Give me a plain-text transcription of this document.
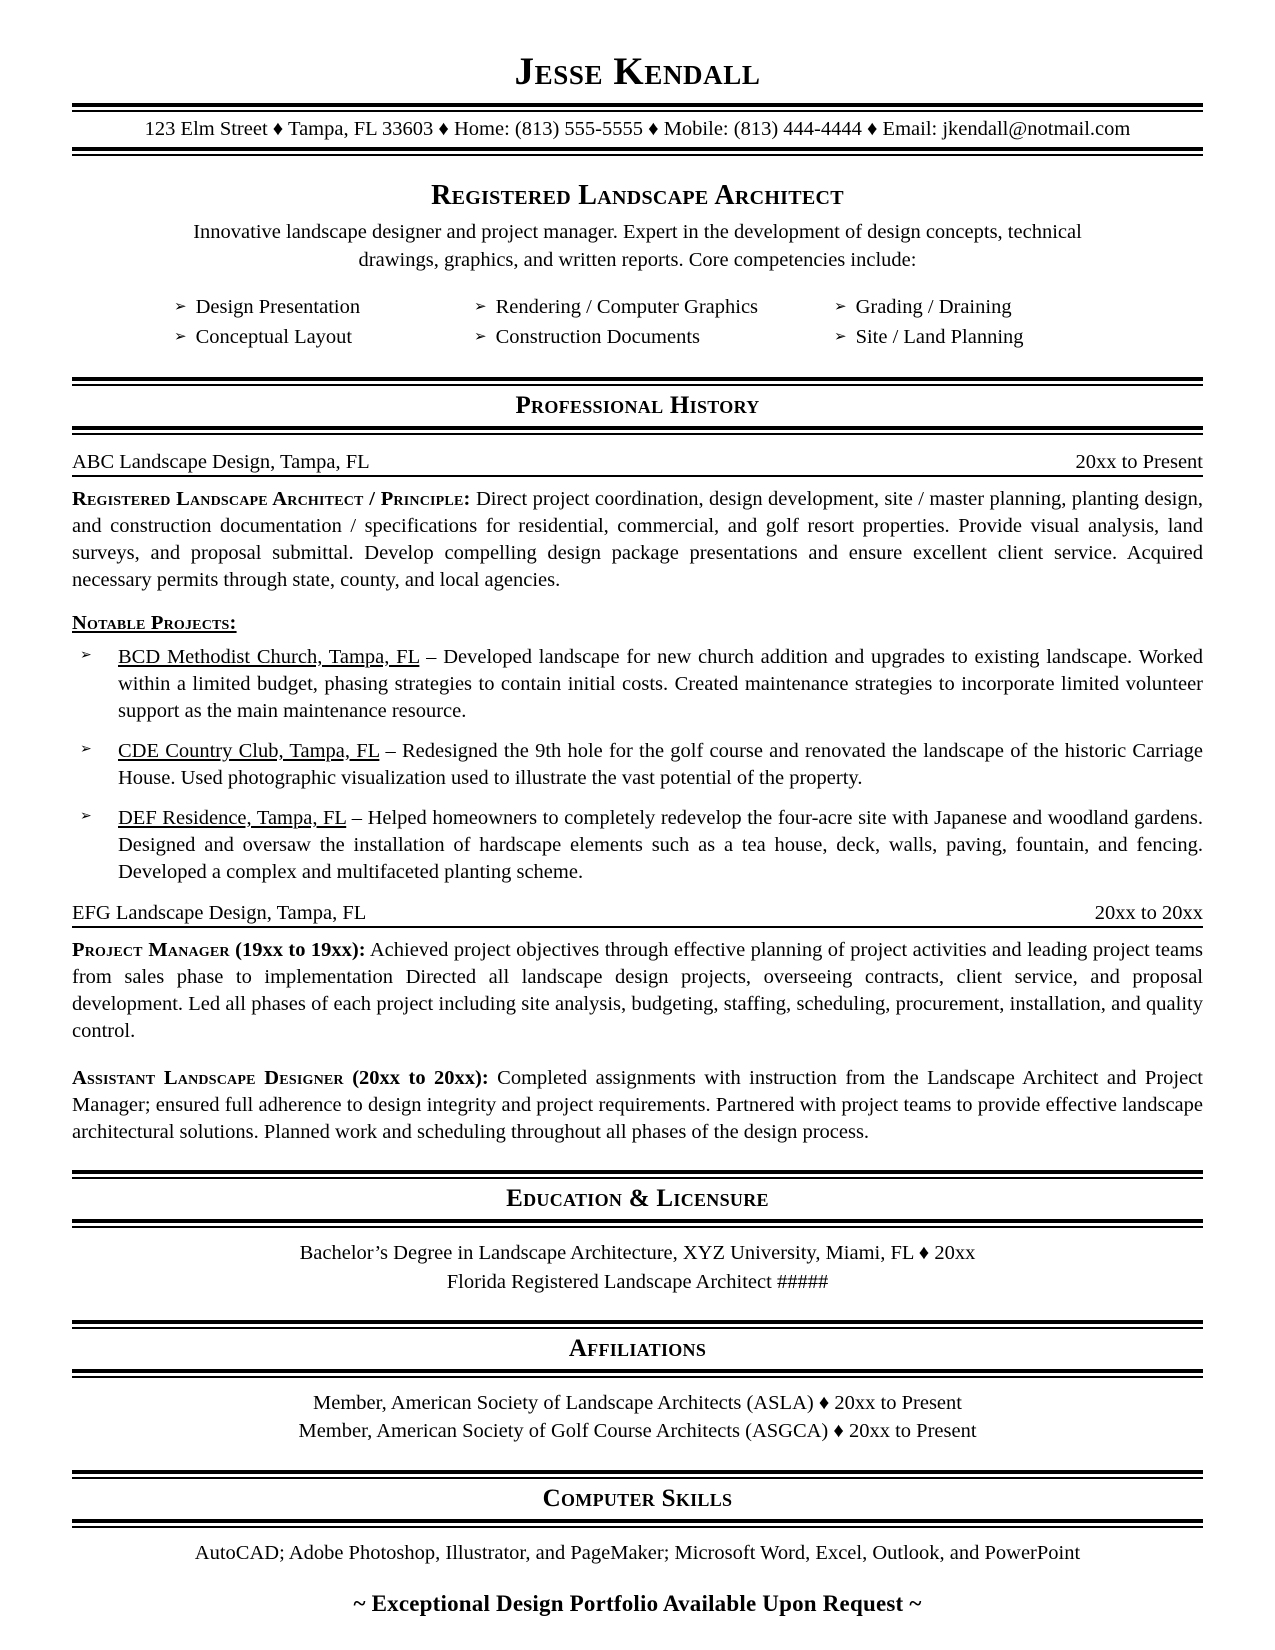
Jesse Kendall
123 Elm Street ♦ Tampa, FL 33603 ♦ Home: (813) 555-5555 ♦ Mobile: (813) 444-4444 ♦ Email: jkendall@notmail.com
Registered Landscape Architect
Innovative landscape designer and project manager. Expert in the development of design concepts, technical
drawings, graphics, and written reports. Core competencies include:
➢ Design Presentation
➢ Conceptual Layout
➢ Rendering / Computer Graphics
➢ Construction Documents
➢ Grading / Draining
➢ Site / Land Planning
Professional History
ABC Landscape Design, Tampa, FL	20xx to Present
Registered Landscape Architect / Principle: Direct project coordination, design development, site / master planning, planting design, and construction documentation / specifications for residential, commercial, and golf resort properties. Provide visual analysis, land surveys, and proposal submittal. Develop compelling design package presentations and ensure excellent client service. Acquired necessary permits through state, county, and local agencies.
Notable Projects:
➢ BCD Methodist Church, Tampa, FL – Developed landscape for new church addition and upgrades to existing landscape. Worked within a limited budget, phasing strategies to contain initial costs. Created maintenance strategies to incorporate limited volunteer support as the main maintenance resource.
➢ CDE Country Club, Tampa, FL – Redesigned the 9th hole for the golf course and renovated the landscape of the historic Carriage House. Used photographic visualization used to illustrate the vast potential of the property.
➢ DEF Residence, Tampa, FL – Helped homeowners to completely redevelop the four-acre site with Japanese and woodland gardens. Designed and oversaw the installation of hardscape elements such as a tea house, deck, walls, paving, fountain, and fencing. Developed a complex and multifaceted planting scheme.
EFG Landscape Design, Tampa, FL	20xx to 20xx
Project Manager (19xx to 19xx): Achieved project objectives through effective planning of project activities and leading project teams from sales phase to implementation Directed all landscape design projects, overseeing contracts, client service, and proposal development. Led all phases of each project including site analysis, budgeting, staffing, scheduling, procurement, installation, and quality control.
Assistant Landscape Designer (20xx to 20xx): Completed assignments with instruction from the Landscape Architect and Project Manager; ensured full adherence to design integrity and project requirements. Partnered with project teams to provide effective landscape architectural solutions. Planned work and scheduling throughout all phases of the design process.
Education & Licensure
Bachelor’s Degree in Landscape Architecture, XYZ University, Miami, FL ♦ 20xx
Florida Registered Landscape Architect #####
Affiliations
Member, American Society of Landscape Architects (ASLA) ♦ 20xx to Present
Member, American Society of Golf Course Architects (ASGCA) ♦ 20xx to Present
Computer Skills
AutoCAD; Adobe Photoshop, Illustrator, and PageMaker; Microsoft Word, Excel, Outlook, and PowerPoint
~ Exceptional Design Portfolio Available Upon Request ~
